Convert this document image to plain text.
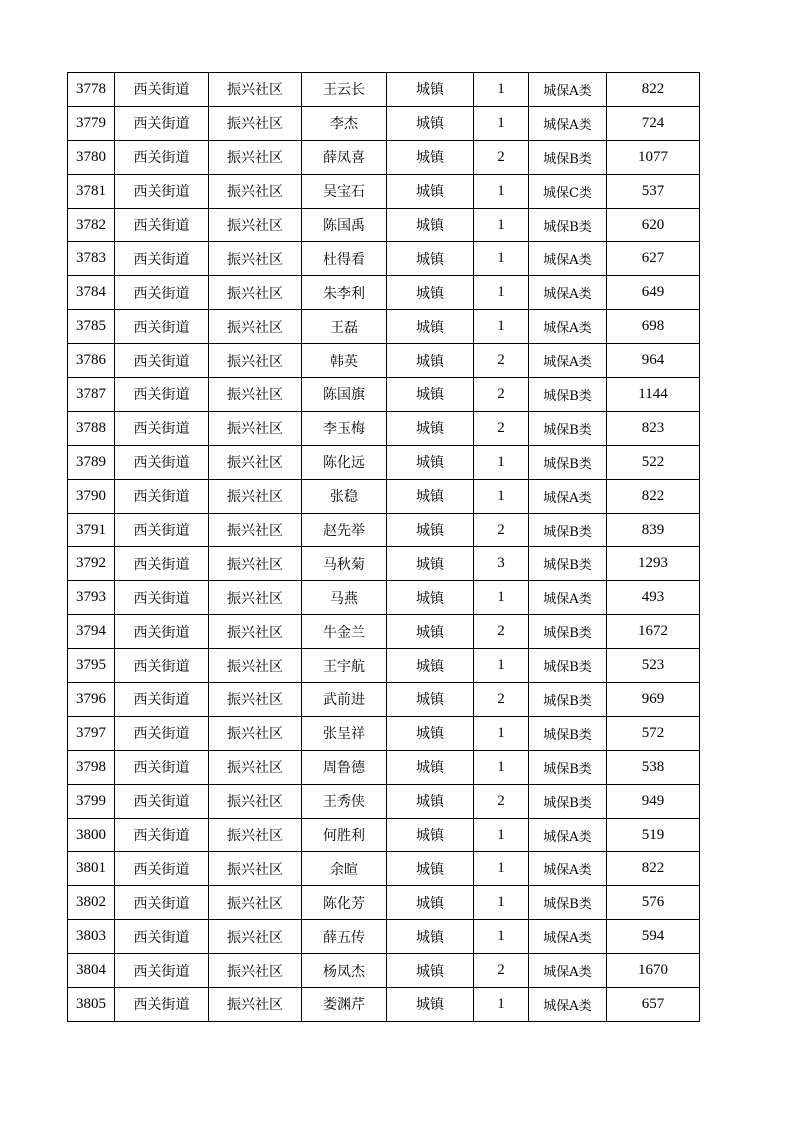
3778	西关街道	振兴社区	王云长	城镇	1	城保A类	822
3779	西关街道	振兴社区	李杰	城镇	1	城保A类	724
3780	西关街道	振兴社区	薛凤喜	城镇	2	城保B类	1077
3781	西关街道	振兴社区	吴宝石	城镇	1	城保C类	537
3782	西关街道	振兴社区	陈国禹	城镇	1	城保B类	620
3783	西关街道	振兴社区	杜得看	城镇	1	城保A类	627
3784	西关街道	振兴社区	朱李利	城镇	1	城保A类	649
3785	西关街道	振兴社区	王磊	城镇	1	城保A类	698
3786	西关街道	振兴社区	韩英	城镇	2	城保A类	964
3787	西关街道	振兴社区	陈国旗	城镇	2	城保B类	1144
3788	西关街道	振兴社区	李玉梅	城镇	2	城保B类	823
3789	西关街道	振兴社区	陈化远	城镇	1	城保B类	522
3790	西关街道	振兴社区	张稳	城镇	1	城保A类	822
3791	西关街道	振兴社区	赵先举	城镇	2	城保B类	839
3792	西关街道	振兴社区	马秋菊	城镇	3	城保B类	1293
3793	西关街道	振兴社区	马燕	城镇	1	城保A类	493
3794	西关街道	振兴社区	牛金兰	城镇	2	城保B类	1672
3795	西关街道	振兴社区	王宇航	城镇	1	城保B类	523
3796	西关街道	振兴社区	武前进	城镇	2	城保B类	969
3797	西关街道	振兴社区	张呈祥	城镇	1	城保B类	572
3798	西关街道	振兴社区	周鲁德	城镇	1	城保B类	538
3799	西关街道	振兴社区	王秀侠	城镇	2	城保B类	949
3800	西关街道	振兴社区	何胜利	城镇	1	城保A类	519
3801	西关街道	振兴社区	余暄	城镇	1	城保A类	822
3802	西关街道	振兴社区	陈化芳	城镇	1	城保B类	576
3803	西关街道	振兴社区	薛五传	城镇	1	城保A类	594
3804	西关街道	振兴社区	杨凤杰	城镇	2	城保A类	1670
3805	西关街道	振兴社区	娄渊芹	城镇	1	城保A类	657
